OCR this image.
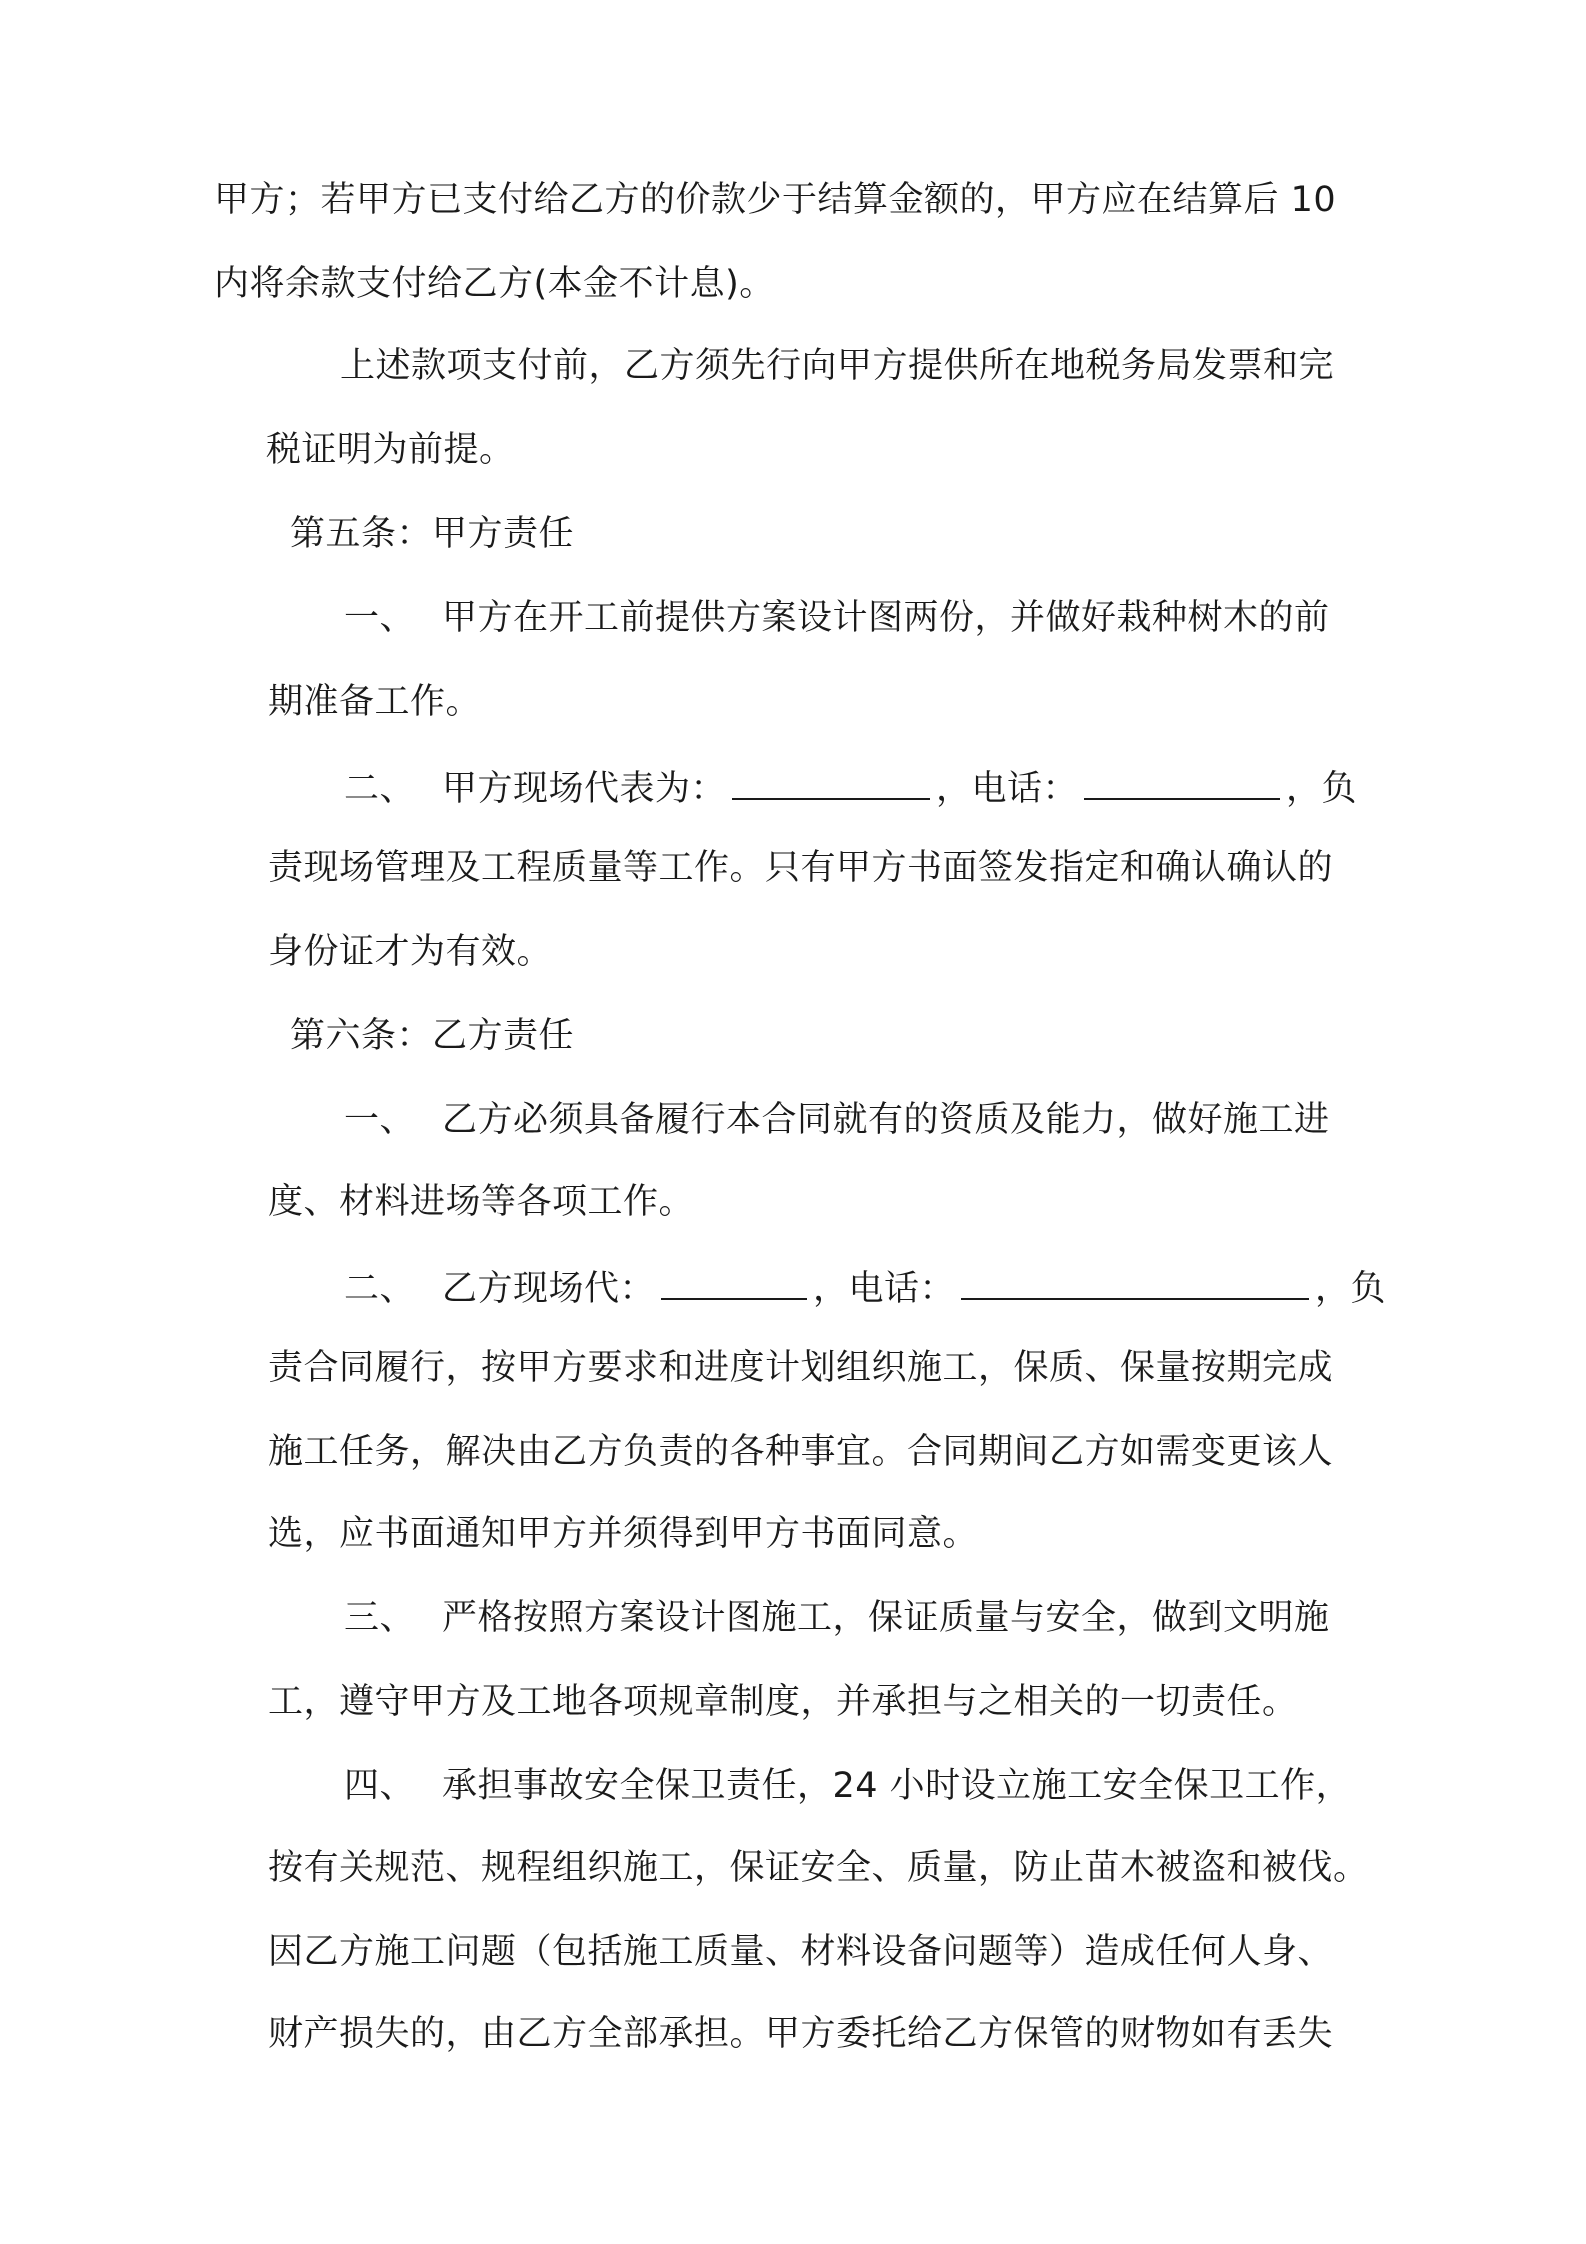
甲方；若甲方已支付给乙方的价款少于结算金额的，甲方应在结算后 10
内将余款支付给乙方(本金不计息)。
上述款项支付前，乙方须先行向甲方提供所在地税务局发票和完
税证明为前提。
第五条：甲方责任
一、 甲方在开工前提供方案设计图两份，并做好栽种树木的前
期准备工作。
二、 甲方现场代表为：	，电话：	，负
责现场管理及工程质量等工作。只有甲方书面签发指定和确认确认的
身份证才为有效。
第六条：乙方责任
一、 乙方必须具备履行本合同就有的资质及能力，做好施工进
度、材料进场等各项工作。
二、 乙方现场代：	，电话：	，负
责合同履行，按甲方要求和进度计划组织施工，保质、保量按期完成
施工任务，解决由乙方负责的各种事宜。合同期间乙方如需变更该人
选，应书面通知甲方并须得到甲方书面同意。
三、 严格按照方案设计图施工，保证质量与安全，做到文明施
工，遵守甲方及工地各项规章制度，并承担与之相关的一切责任。
四、 承担事故安全保卫责任，24 小时设立施工安全保卫工作，
按有关规范、规程组织施工，保证安全、质量，防止苗木被盗和被伐。
因乙方施工问题（包括施工质量、材料设备问题等）造成任何人身、
财产损失的，由乙方全部承担。甲方委托给乙方保管的财物如有丢失
